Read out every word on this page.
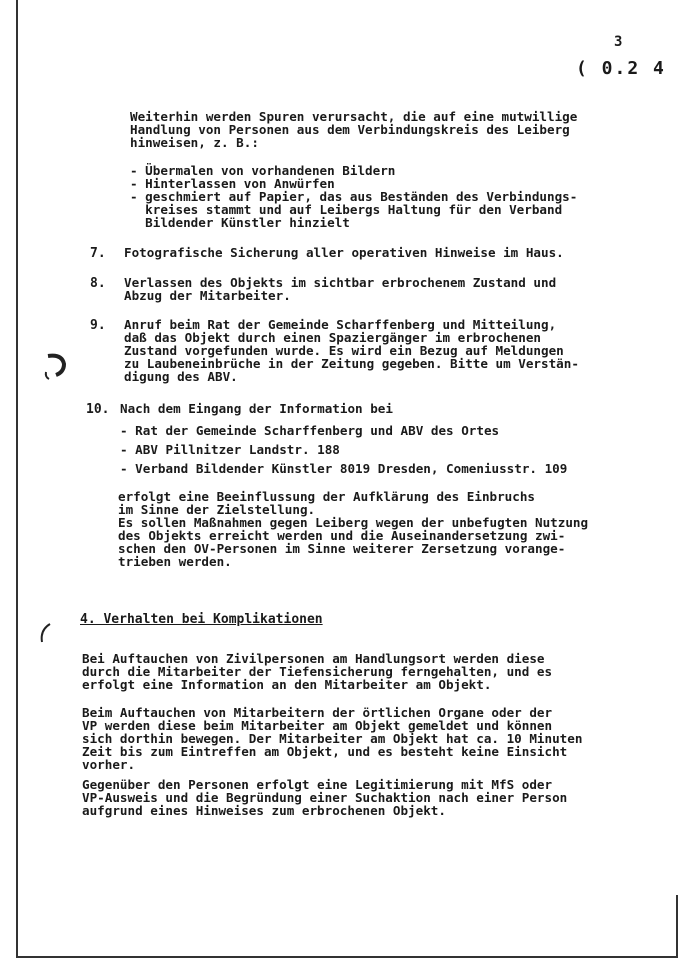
3
( 0.2 4
Weiterhin werden Spuren verursacht, die auf eine mutwillige
Handlung von Personen aus dem Verbindungskreis des Leiberg
hinweisen, z. B.:
- Übermalen von vorhandenen Bildern
- Hinterlassen von Anwürfen
- geschmiert auf Papier, das aus Beständen des Verbindungs-
kreises stammt und auf Leibergs Haltung für den Verband
Bildender Künstler hinzielt
7. Fotografische Sicherung aller operativen Hinweise im Haus.
8. Verlassen des Objekts im sichtbar erbrochenem Zustand und
Abzug der Mitarbeiter.
9. Anruf beim Rat der Gemeinde Scharffenberg und Mitteilung,
daß das Objekt durch einen Spaziergänger im erbrochenen
Zustand vorgefunden wurde. Es wird ein Bezug auf Meldungen
zu Laubeneinbrüche in der Zeitung gegeben. Bitte um Verstän-
digung des ABV.
10. Nach dem Eingang der Information bei
- Rat der Gemeinde Scharffenberg und ABV des Ortes
- ABV Pillnitzer Landstr. 188
- Verband Bildender Künstler 8019 Dresden, Comeniusstr. 109
erfolgt eine Beeinflussung der Aufklärung des Einbruchs
im Sinne der Zielstellung.
Es sollen Maßnahmen gegen Leiberg wegen der unbefugten Nutzung
des Objekts erreicht werden und die Auseinandersetzung zwi-
schen den OV-Personen im Sinne weiterer Zersetzung vorange-
trieben werden.
4. Verhalten bei Komplikationen
Bei Auftauchen von Zivilpersonen am Handlungsort werden diese
durch die Mitarbeiter der Tiefensicherung ferngehalten, und es
erfolgt eine Information an den Mitarbeiter am Objekt.
Beim Auftauchen von Mitarbeitern der örtlichen Organe oder der
VP werden diese beim Mitarbeiter am Objekt gemeldet und können
sich dorthin bewegen. Der Mitarbeiter am Objekt hat ca. 10 Minuten
Zeit bis zum Eintreffen am Objekt, und es besteht keine Einsicht
vorher.
Gegenüber den Personen erfolgt eine Legitimierung mit MfS oder
VP-Ausweis und die Begründung einer Suchaktion nach einer Person
aufgrund eines Hinweises zum erbrochenen Objekt.
